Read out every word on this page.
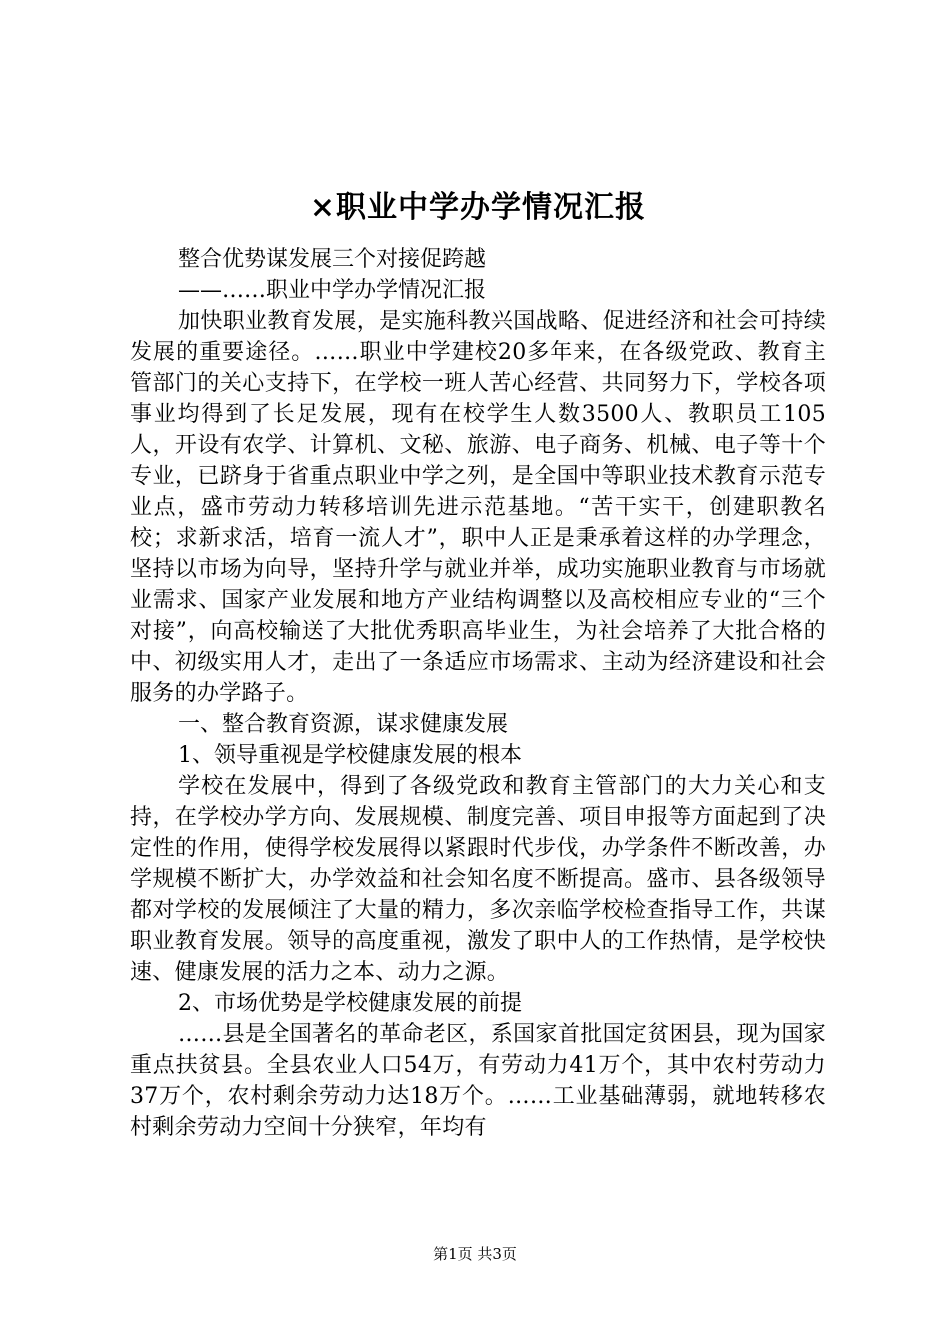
×职业中学办学情况汇报

整合优势谋发展三个对接促跨越

——……职业中学办学情况汇报

加快职业教育发展，是实施科教兴国战略、促进经济和社会可持续发展的重要途径。……职业中学建校20多年来，在各级党政、教育主管部门的关心支持下，在学校一班人苦心经营、共同努力下，学校各项事业均得到了长足发展，现有在校学生人数3500人、教职员工105人，开设有农学、计算机、文秘、旅游、电子商务、机械、电子等十个专业，已跻身于省重点职业中学之列，是全国中等职业技术教育示范专业点，盛市劳动力转移培训先进示范基地。“苦干实干，创建职教名校；求新求活，培育一流人才”，职中人正是秉承着这样的办学理念，坚持以市场为向导，坚持升学与就业并举，成功实施职业教育与市场就业需求、国家产业发展和地方产业结构调整以及高校相应专业的“三个对接”，向高校输送了大批优秀职高毕业生，为社会培养了大批合格的中、初级实用人才，走出了一条适应市场需求、主动为经济建设和社会服务的办学路子。

一、整合教育资源，谋求健康发展

1、领导重视是学校健康发展的根本

学校在发展中，得到了各级党政和教育主管部门的大力关心和支持，在学校办学方向、发展规模、制度完善、项目申报等方面起到了决定性的作用，使得学校发展得以紧跟时代步伐，办学条件不断改善，办学规模不断扩大，办学效益和社会知名度不断提高。盛市、县各级领导都对学校的发展倾注了大量的精力，多次亲临学校检查指导工作，共谋职业教育发展。领导的高度重视，激发了职中人的工作热情，是学校快速、健康发展的活力之本、动力之源。

2、市场优势是学校健康发展的前提

……县是全国著名的革命老区，系国家首批国定贫困县，现为国家重点扶贫县。全县农业人口54万，有劳动力41万个，其中农村劳动力37万个，农村剩余劳动力达18万个。……工业基础薄弱，就地转移农村剩余劳动力空间十分狭窄，年均有

第1页 共3页
